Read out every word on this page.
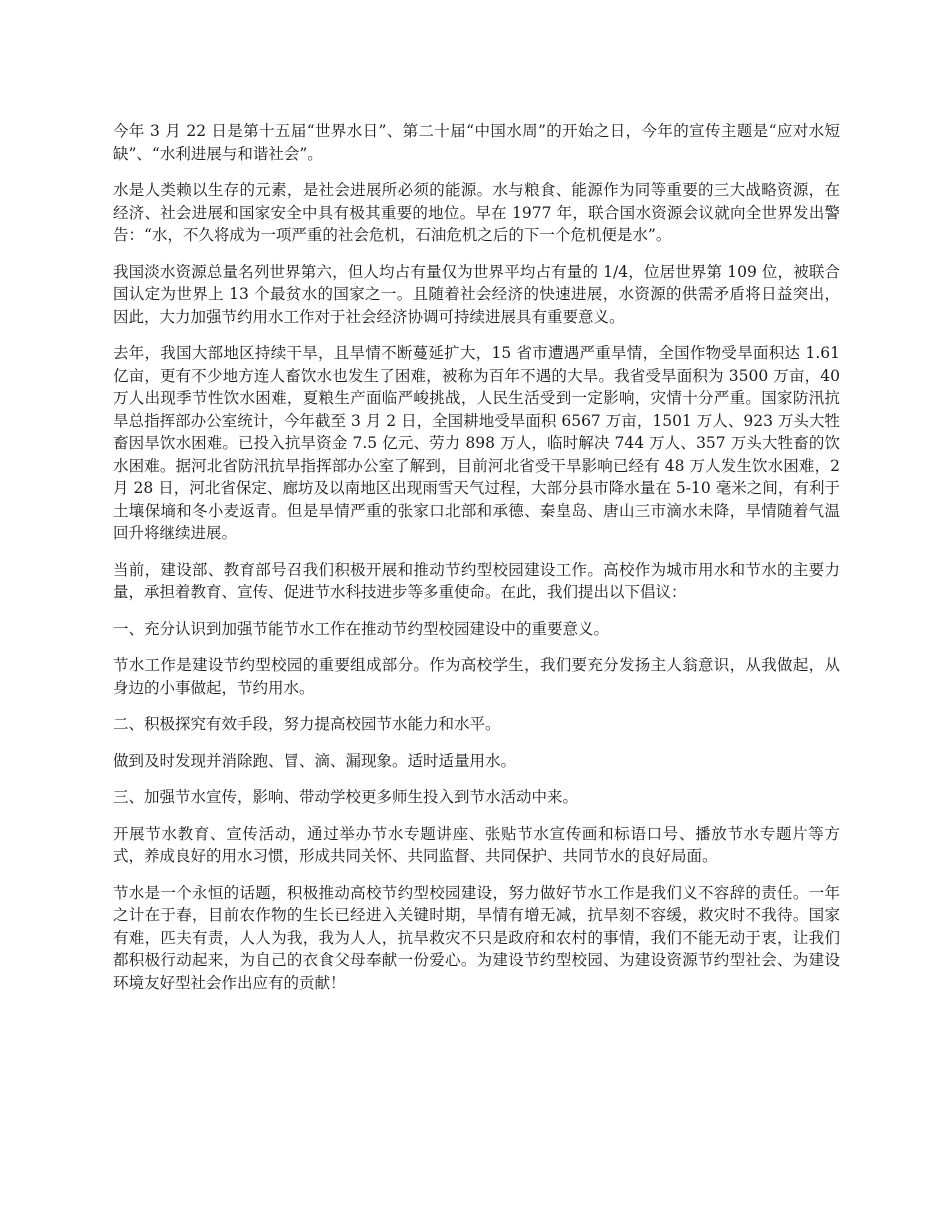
今年 3 月 22 日是第十五届“世界水日”、第二十届“中国水周”的开始之日，今年的宣传主题是“应对水短缺”、“水利进展与和谐社会”。

水是人类赖以生存的元素，是社会进展所必须的能源。水与粮食、能源作为同等重要的三大战略资源，在经济、社会进展和国家安全中具有极其重要的地位。早在 1977 年，联合国水资源会议就向全世界发出警告：“水，不久将成为一项严重的社会危机，石油危机之后的下一个危机便是水”。

我国淡水资源总量名列世界第六，但人均占有量仅为世界平均占有量的 1/4，位居世界第 109 位，被联合国认定为世界上 13 个最贫水的国家之一。且随着社会经济的快速进展，水资源的供需矛盾将日益突出，因此，大力加强节约用水工作对于社会经济协调可持续进展具有重要意义。

去年，我国大部地区持续干旱，且旱情不断蔓延扩大，15 省市遭遇严重旱情，全国作物受旱面积达 1.61 亿亩，更有不少地方连人畜饮水也发生了困难，被称为百年不遇的大旱。我省受旱面积为 3500 万亩，40 万人出现季节性饮水困难，夏粮生产面临严峻挑战，人民生活受到一定影响，灾情十分严重。国家防汛抗旱总指挥部办公室统计，今年截至 3 月 2 日，全国耕地受旱面积 6567 万亩，1501 万人、923 万头大牲畜因旱饮水困难。已投入抗旱资金 7.5 亿元、劳力 898 万人，临时解决 744 万人、357 万头大牲畜的饮水困难。据河北省防汛抗旱指挥部办公室了解到，目前河北省受干旱影响已经有 48 万人发生饮水困难，2 月 28 日，河北省保定、廊坊及以南地区出现雨雪天气过程，大部分县市降水量在 5-10 毫米之间，有利于土壤保墒和冬小麦返青。但是旱情严重的张家口北部和承德、秦皇岛、唐山三市滴水未降，旱情随着气温回升将继续进展。

当前，建设部、教育部号召我们积极开展和推动节约型校园建设工作。高校作为城市用水和节水的主要力量，承担着教育、宣传、促进节水科技进步等多重使命。在此，我们提出以下倡议：

一、充分认识到加强节能节水工作在推动节约型校园建设中的重要意义。

节水工作是建设节约型校园的重要组成部分。作为高校学生，我们要充分发扬主人翁意识，从我做起，从身边的小事做起，节约用水。

二、积极探究有效手段，努力提高校园节水能力和水平。

做到及时发现并消除跑、冒、滴、漏现象。适时适量用水。

三、加强节水宣传，影响、带动学校更多师生投入到节水活动中来。

开展节水教育、宣传活动，通过举办节水专题讲座、张贴节水宣传画和标语口号、播放节水专题片等方式，养成良好的用水习惯，形成共同关怀、共同监督、共同保护、共同节水的良好局面。

节水是一个永恒的话题，积极推动高校节约型校园建设，努力做好节水工作是我们义不容辞的责任。一年之计在于春，目前农作物的生长已经进入关键时期，旱情有增无减，抗旱刻不容缓，救灾时不我待。国家有难，匹夫有责，人人为我，我为人人，抗旱救灾不只是政府和农村的事情，我们不能无动于衷，让我们都积极行动起来，为自己的衣食父母奉献一份爱心。为建设节约型校园、为建设资源节约型社会、为建设环境友好型社会作出应有的贡献！
